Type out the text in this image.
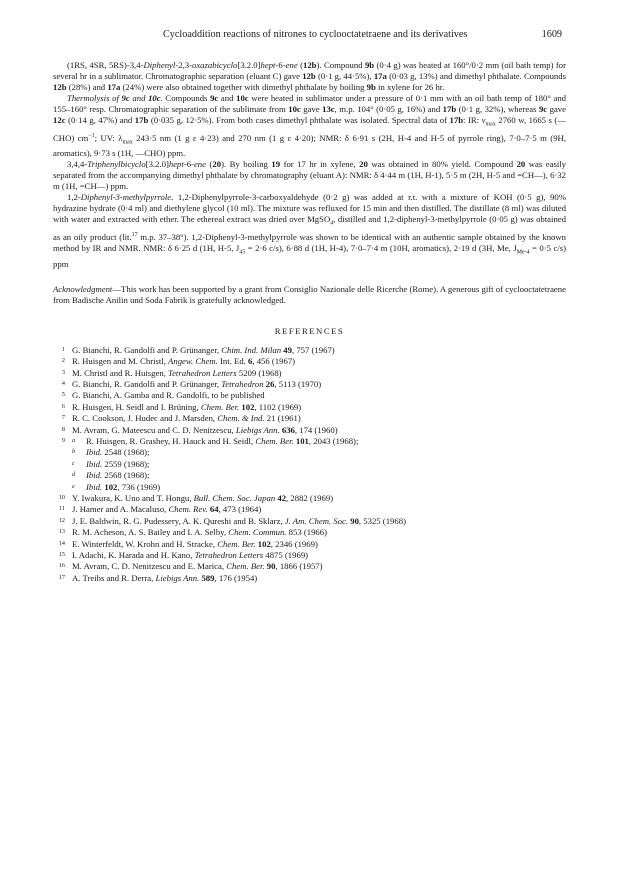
Cycloaddition reactions of nitrones to cyclooctatetraene and its derivatives	1609

(1RS, 4SR, 5RS)-3,4-Diphenyl-2,3-oxazabicyclo[3.2.0]hept-6-ene (12b). Compound 9b (0·4 g) was heated at 160°/0·2 mm (oil bath temp) for several hr in a sublimator. Chromatographic separation (eluant C) gave 12b (0·1 g, 44·5%), 17a (0·03 g, 13%) and dimethyl phthalate. Compounds 12b (28%) and 17a (24%) were also obtained together with dimethyl phthalate by boiling 9b in xylene for 26 hr.

Thermolysis of 9c and 10c. Compounds 9c and 10c were heated in sublimator under a pressure of 0·1 mm with an oil bath temp of 180° and 155–160° resp. Chromatographic separation of the sublimate from 10c gave 13c, m.p. 104° (0·05 g, 16%) and 17b (0·1 g, 32%), whereas 9c gave 12c (0·14 g, 47%) and 17b (0·035 g, 12·5%). From both cases dimethyl phthalate was isolated. Spectral data of 17b: IR: $\nu_{max}$ 2760 w, 1665 s (—CHO) $cm^{-1}$; UV: $\lambda_{max}$ 243·5 nm (1 g ε 4·23) and 270 nm (1 g ε 4·20); NMR: δ 6·91 s (2H, H-4 and H-5 of pyrrole ring), 7·0–7·5 m (9H, aromatics), 9·73 s (1H, —CHO) ppm.

3,4,4-Triphenylbicyclo[3.2.0]hept-6-ene (20). By boiling 19 for 17 hr in xylene, 20 was obtained in 80% yield. Compound 20 was easily separated from the accompanying dimethyl phthalate by chromatography (eluant A): NMR: δ 4·44 m (1H, H-1), 5·5 m (2H, H-5 and =CH—), 6·32 m (1H, =CH—) ppm.

1,2-Diphenyl-3-methylpyrrole. 1,2-Diphenylpyrrole-3-carboxyaldehyde (0·2 g) was added at r.t. with a mixture of KOH (0·5 g), 90% hydrazine hydrate (0·4 ml) and diethylene glycol (10 ml). The mixture was refluxed for 15 min and then distilled. The distillate (8 ml) was diluted with water and extracted with ether. The ethereal extract was dried over MgSO$_4$, distilled and 1,2-diphenyl-3-methylpyrrole (0·05 g) was obtained as an oily product (lit.$^{17}$ m.p. 37–38°). 1,2-Diphenyl-3-methylpyrrole was shown to be identical with an authentic sample obtained by the known method by IR and NMR. NMR: δ 6·25 d (1H, H-5, $J_{45} = 2\cdot 6$ c/s), 6·88 d (1H, H-4), 7·0–7·4 m (10H, aromatics), 2·19 d (3H, Me, $J_{Me-4} = 0\cdot 5$ c/s) ppm

Acknowledgment—This work has been supported by a grant from Consiglio Nazionale delle Ricerche (Rome). A generous gift of cyclooctatetraene from Badische Anilin und Soda Fabrik is gratefully acknowledged.

REFERENCES
1 G. Bianchi, R. Gandolfi and P. Grünanger, Chim. Ind. Milan 49, 757 (1967)
2 R. Huisgen and M. Christl, Angew. Chem. Int. Ed. 6, 456 (1967)
3 M. Christl and R. Huisgen, Tetrahedron Letters 5209 (1968)
4 G. Bianchi, R. Gandolfi and P. Grünanger, Tetrahedron 26, 5113 (1970)
5 G. Bianchi, A. Gamba and R. Gandolfi, to be published
6 R. Huisgen, H. Seidl and I. Brüning, Chem. Ber. 102, 1102 (1969)
7 R. C. Cookson, J. Hudec and J. Marsden, Chem. & Ind. 21 (1961)
8 M. Avram, G. Mateescu and C. D. Nenitzescu, Liebigs Ann. 636, 174 (1960)
9 a R. Huisgen, R. Grashey, H. Hauck and H. Seidl, Chem. Ber. 101, 2043 (1968);
b Ibid. 2548 (1968);
c Ibid. 2559 (1968);
d Ibid. 2568 (1968);
e Ibid. 102, 736 (1969)
10 Y. Iwakura, K. Uno and T. Hongu, Bull. Chem. Soc. Japan 42, 2882 (1969)
11 J. Hamer and A. Macaluso, Chem. Rev. 64, 473 (1964)
12 J. E. Baldwin, R. G. Pudessery, A. K. Qureshi and B. Sklarz, J. Am. Chem. Soc. 90, 5325 (1968)
13 R. M. Acheson, A. S. Bailey and I. A. Selby, Chem. Commun. 853 (1966)
14 E. Winterfeldt, W. Krohn and H. Stracke, Chem. Ber. 102, 2346 (1969)
15 I. Adachi, K. Harada and H. Kano, Tetrahedron Letters 4875 (1969)
16 M. Avram, C. D. Nenitzescu and E. Marica, Chem. Ber. 90, 1866 (1957)
17 A. Treibs and R. Derra, Liebigs Ann. 589, 176 (1954)
